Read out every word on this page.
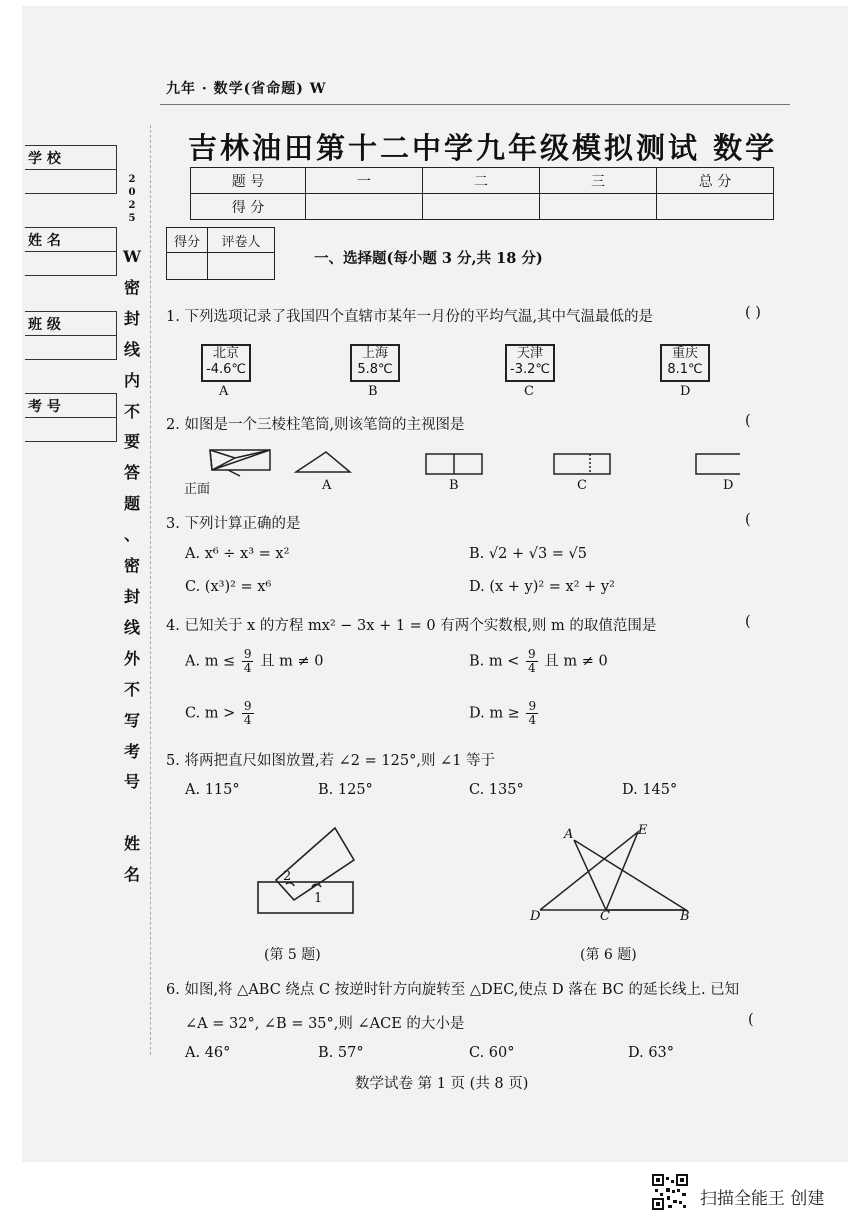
九年 · 数学(省命题) W
吉林油田第十二中学九年级模拟测试 数学
题 号	一	二	三	总 分
得 分				
得分	评卷人

一、选择题(每小题 3 分,共 18 分)
学 校
姓 名
班 级
考 号
2025
W
密
封
线
内
不
要
答
题
、
密
封
线
外
不
写
考
号

姓
名
1. 下列选项记录了我国四个直辖市某年一月份的平均气温,其中气温最低的是	( )
北京
-4.6℃
上海
5.8℃
天津
-3.2℃
重庆
8.1℃
A	B	C	D
2. 如图是一个三棱柱笔筒,则该笔筒的主视图是	(
正面	A	B	C	D
3. 下列计算正确的是	(
A. x⁶ ÷ x³ = x²	B. √2 + √3 = √5
C. (x³)² = x⁶	D. (x + y)² = x² + y²
4. 已知关于 x 的方程 mx² − 3x + 1 = 0 有两个实数根,则 m 的取值范围是	(
A. $m \le \frac{9}{4}$ 且 m ≠ 0	B. $m < \frac{9}{4}$ 且 m ≠ 0
C. $m > \frac{9}{4}$	D. $m \ge \frac{9}{4}$
5. 将两把直尺如图放置,若 ∠2 = 125°,则 ∠1 等于
A. 115°	B. 125°	C. 135°	D. 145°
2
1
(第 5 题)
A	E
D	C	B
(第 6 题)
6. 如图,将 △ABC 绕点 C 按逆时针方向旋转至 △DEC,使点 D 落在 BC 的延长线上. 已知
∠A = 32°, ∠B = 35°,则 ∠ACE 的大小是	(
A. 46°	B. 57°	C. 60°	D. 63°
数学试卷 第 1 页 (共 8 页)
扫描全能王 创建
